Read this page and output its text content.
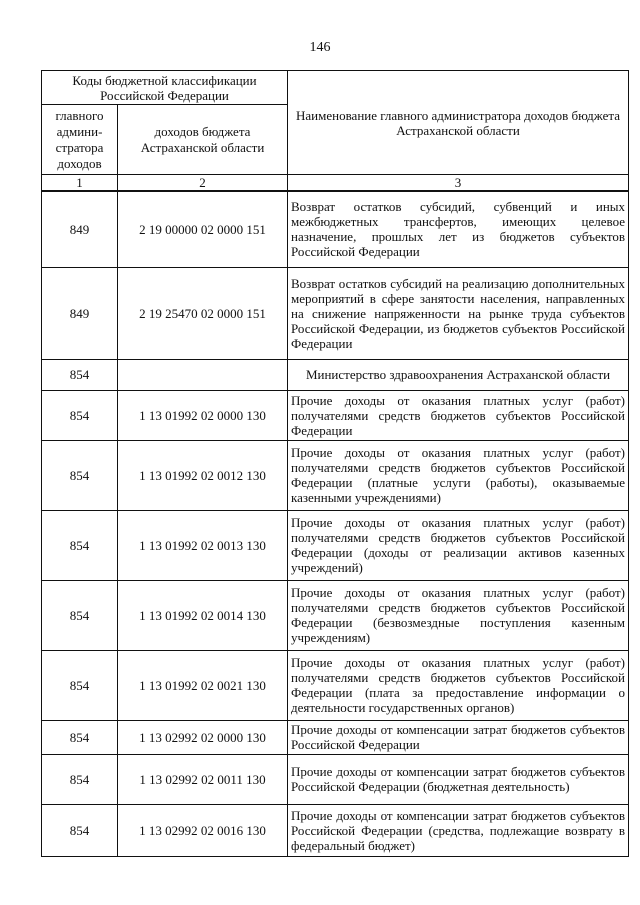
146
Коды бюджетной классификации Российской Федерации		Наименование главного администратора доходов бюджета Астраханской области
главного админи-стратора доходов	доходов бюджета Астраханской области	
1	2	3
849	2 19 00000 02 0000 151	Возврат остатков субсидий, субвенций и иных межбюджетных трансфертов, имеющих целевое назначение, прошлых лет из бюджетов субъектов Российской Федерации
849	2 19 25470 02 0000 151	Возврат остатков субсидий на реализацию дополнительных мероприятий в сфере занятости населения, направленных на снижение напряженности на рынке труда субъектов Российской Федерации, из бюджетов субъектов Российской Федерации
854		Министерство здравоохранения Астраханской области
854	1 13 01992 02 0000 130	Прочие доходы от оказания платных услуг (работ) получателями средств бюджетов субъектов Российской Федерации
854	1 13 01992 02 0012 130	Прочие доходы от оказания платных услуг (работ) получателями средств бюджетов субъектов Российской Федерации (платные услуги (работы), оказываемые казенными учреждениями)
854	1 13 01992 02 0013 130	Прочие доходы от оказания платных услуг (работ) получателями средств бюджетов субъектов Российской Федерации (доходы от реализации активов казенных учреждений)
854	1 13 01992 02 0014 130	Прочие доходы от оказания платных услуг (работ) получателями средств бюджетов субъектов Российской Федерации (безвозмездные поступления казенным учреждениям)
854	1 13 01992 02 0021 130	Прочие доходы от оказания платных услуг (работ) получателями средств бюджетов субъектов Российской Федерации (плата за предоставление информации о деятельности государственных органов)
854	1 13 02992 02 0000 130	Прочие доходы от компенсации затрат бюджетов субъектов Российской Федерации
854	1 13 02992 02 0011 130	Прочие доходы от компенсации затрат бюджетов субъектов Российской Федерации (бюджетная деятельность)
854	1 13 02992 02 0016 130	Прочие доходы от компенсации затрат бюджетов субъектов Российской Федерации (средства, подлежащие возврату в федеральный бюджет)
